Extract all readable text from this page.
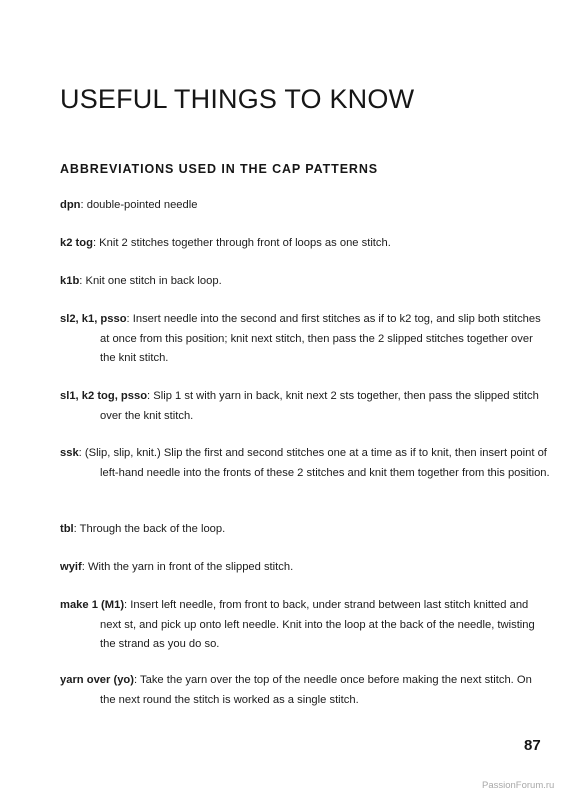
USEFUL THINGS TO KNOW
ABBREVIATIONS USED IN THE CAP PATTERNS
dpn: double-pointed needle
k2 tog: Knit 2 stitches together through front of loops as one stitch.
k1b: Knit one stitch in back loop.
sl2, k1, psso: Insert needle into the second and first stitches as if to k2 tog, and slip both stitches at once from this position; knit next stitch, then pass the 2 slipped stitches together over the knit stitch.
sl1, k2 tog, psso: Slip 1 st with yarn in back, knit next 2 sts together, then pass the slipped stitch over the knit stitch.
ssk: (Slip, slip, knit.) Slip the first and second stitches one at a time as if to knit, then insert point of left-hand needle into the fronts of these 2 stitches and knit them together from this position.
tbl: Through the back of the loop.
wyif: With the yarn in front of the slipped stitch.
make 1 (M1): Insert left needle, from front to back, under strand between last stitch knitted and next st, and pick up onto left needle. Knit into the loop at the back of the needle, twisting the strand as you do so.
yarn over (yo): Take the yarn over the top of the needle once before making the next stitch. On the next round the stitch is worked as a single stitch.
87
PassionForum.ru
